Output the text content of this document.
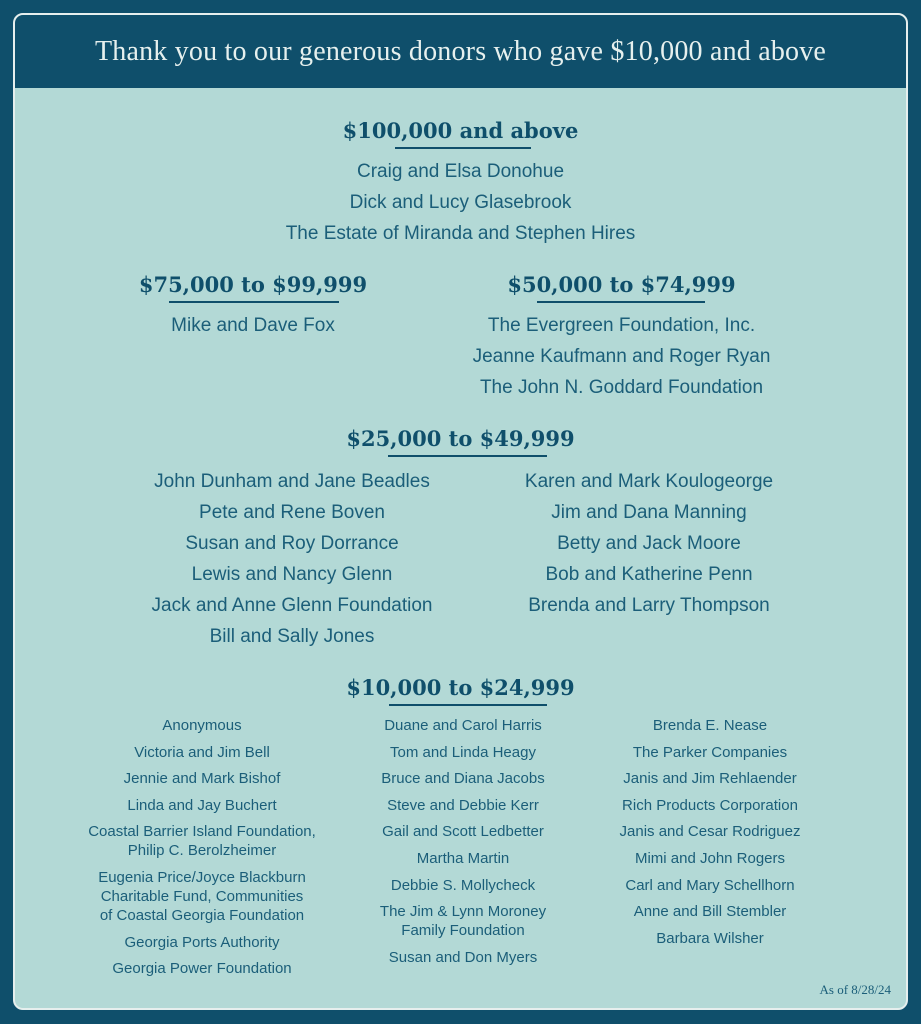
Thank you to our generous donors who gave $10,000 and above
$100,000 and above
Craig and Elsa Donohue
Dick and Lucy Glasebrook
The Estate of Miranda and Stephen Hires
$75,000 to $99,999
Mike and Dave Fox
$50,000 to $74,999
The Evergreen Foundation, Inc.
Jeanne Kaufmann and Roger Ryan
The John N. Goddard Foundation
$25,000 to $49,999
John Dunham and Jane Beadles
Pete and Rene Boven
Susan and Roy Dorrance
Lewis and Nancy Glenn
Jack and Anne Glenn Foundation
Bill and Sally Jones
Karen and Mark Koulogeorge
Jim and Dana Manning
Betty and Jack Moore
Bob and Katherine Penn
Brenda and Larry Thompson
$10,000 to $24,999
Anonymous
Victoria and Jim Bell
Jennie and Mark Bishof
Linda and Jay Buchert
Coastal Barrier Island Foundation,
Philip C. Berolzheimer
Eugenia Price/Joyce Blackburn
Charitable Fund, Communities
of Coastal Georgia Foundation
Georgia Ports Authority
Georgia Power Foundation
Duane and Carol Harris
Tom and Linda Heagy
Bruce and Diana Jacobs
Steve and Debbie Kerr
Gail and Scott Ledbetter
Martha Martin
Debbie S. Mollycheck
The Jim & Lynn Moroney
Family Foundation
Susan and Don Myers
Brenda E. Nease
The Parker Companies
Janis and Jim Rehlaender
Rich Products Corporation
Janis and Cesar Rodriguez
Mimi and John Rogers
Carl and Mary Schellhorn
Anne and Bill Stembler
Barbara Wilsher
As of 8/28/24
